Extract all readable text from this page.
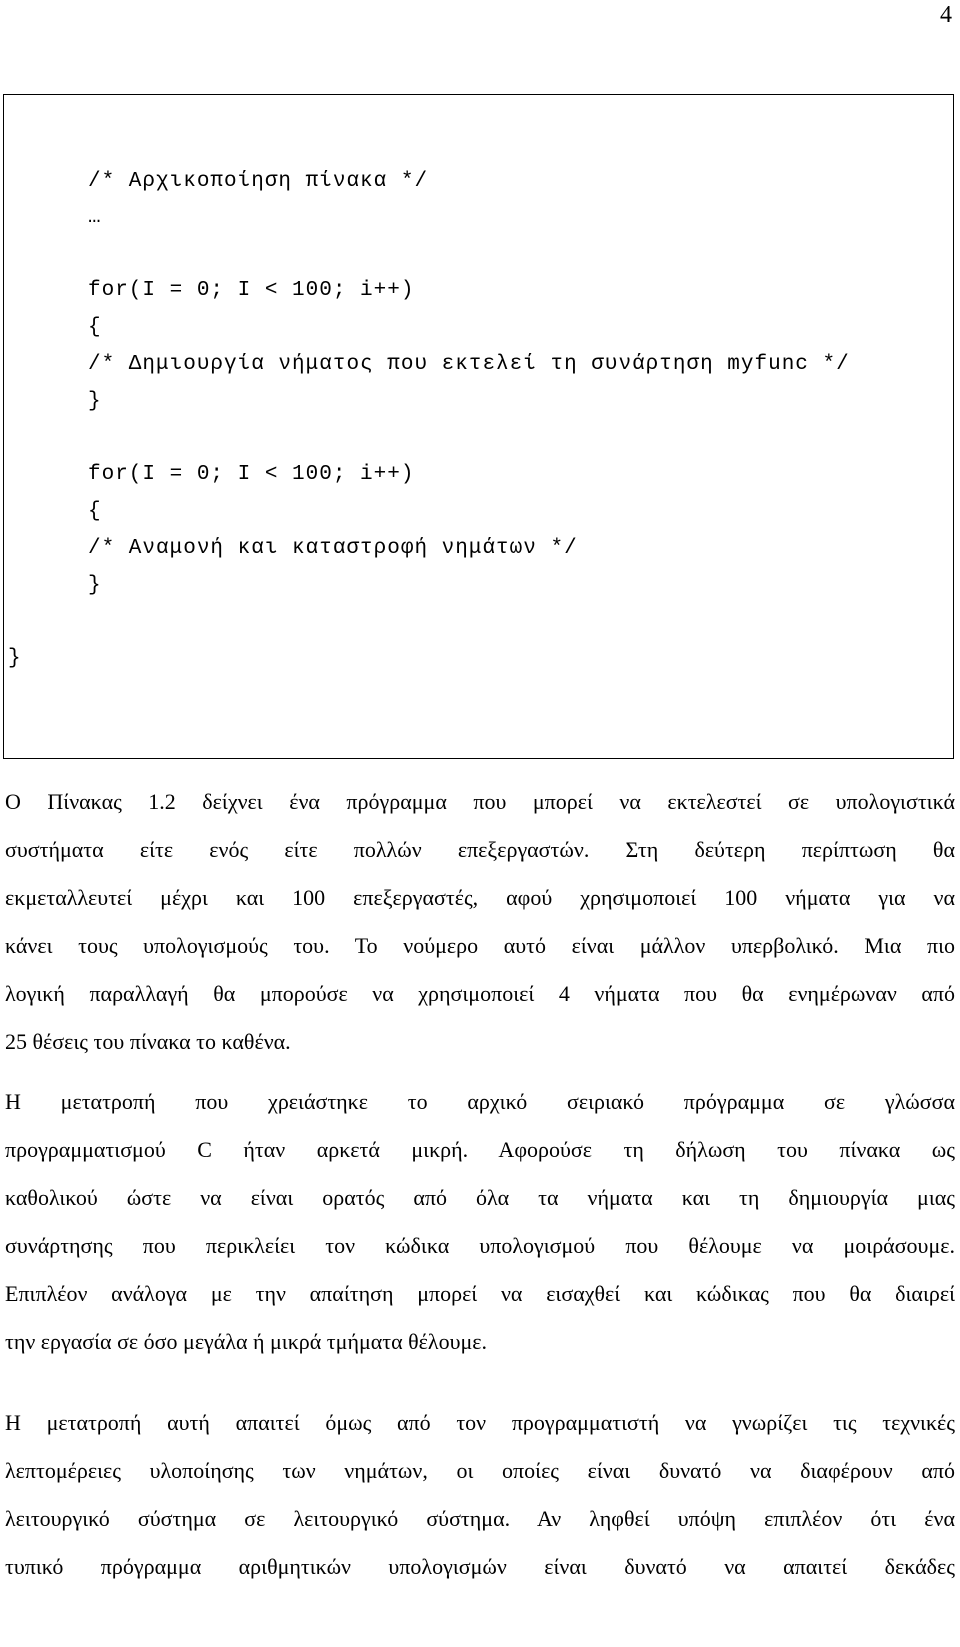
4
/* Αρχικοποίηση πίνακα */
…
for(I = 0; I < 100; i++)
{
/* Δημιουργία νήματος που εκτελεί τη συνάρτηση myfunc */
}
for(I = 0; I < 100; i++)
{
/* Αναμονή και καταστροφή νημάτων */
}
}
Ο Πίνακας 1.2 δείχνει ένα πρόγραμμα που μπορεί να εκτελεστεί σε υπολογιστικά
συστήματα είτε ενός είτε πολλών επεξεργαστών. Στη δεύτερη περίπτωση θα
εκμεταλλευτεί μέχρι και 100 επεξεργαστές, αφού χρησιμοποιεί 100 νήματα για να
κάνει τους υπολογισμούς του. Το νούμερο αυτό είναι μάλλον υπερβολικό. Μια πιο
λογική παραλλαγή θα μπορούσε να χρησιμοποιεί 4 νήματα που θα ενημέρωναν από
25 θέσεις του πίνακα το καθένα.
Η μετατροπή που χρειάστηκε το αρχικό σειριακό πρόγραμμα σε γλώσσα
προγραμματισμού C ήταν αρκετά μικρή. Αφορούσε τη δήλωση του πίνακα ως
καθολικού ώστε να είναι ορατός από όλα τα νήματα και τη δημιουργία μιας
συνάρτησης που περικλείει τον κώδικα υπολογισμού που θέλουμε να μοιράσουμε.
Επιπλέον ανάλογα με την απαίτηση μπορεί να εισαχθεί και κώδικας που θα διαιρεί
την εργασία σε όσο μεγάλα ή μικρά τμήματα θέλουμε.
Η μετατροπή αυτή απαιτεί όμως από τον προγραμματιστή να γνωρίζει τις τεχνικές
λεπτομέρειες υλοποίησης των νημάτων, οι οποίες είναι δυνατό να διαφέρουν από
λειτουργικό σύστημα σε λειτουργικό σύστημα. Αν ληφθεί υπόψη επιπλέον ότι ένα
τυπικό πρόγραμμα αριθμητικών υπολογισμών είναι δυνατό να απαιτεί δεκάδες
